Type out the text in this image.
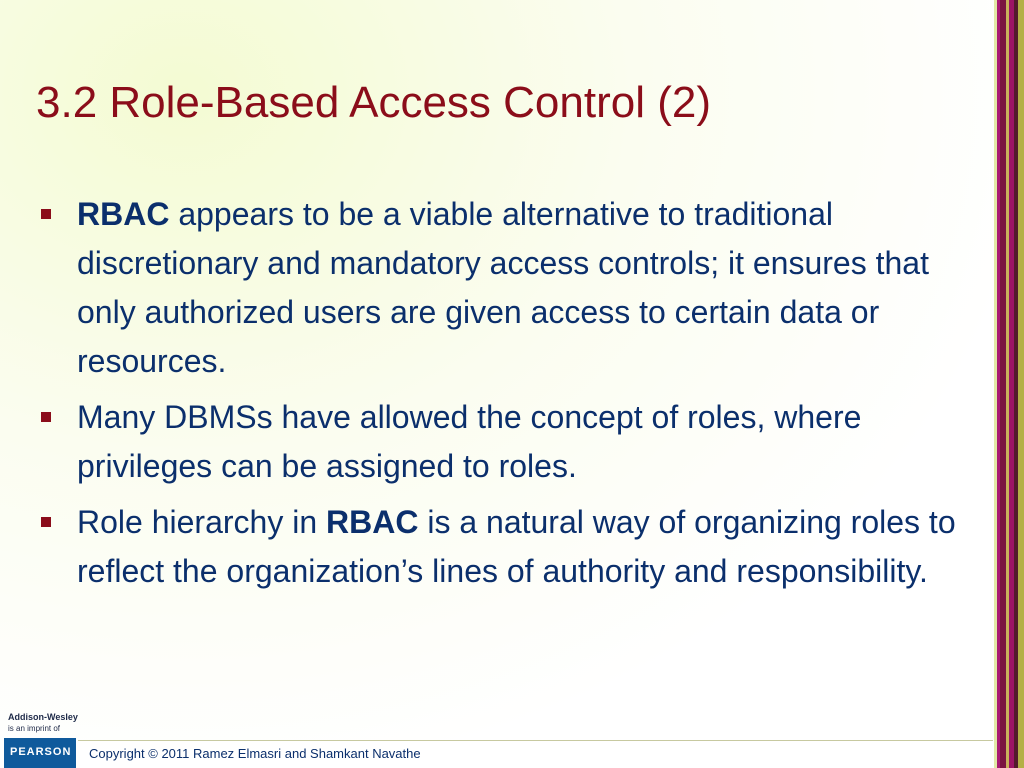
3.2 Role-Based Access Control (2)
RBAC appears to be a viable alternative to traditional discretionary and mandatory access controls; it ensures that only authorized users are given access to certain data or resources.
Many DBMSs have allowed the concept of roles, where privileges can be assigned to roles.
Role hierarchy in RBAC is a natural way of organizing roles to reflect the organization’s lines of authority and responsibility.
Addison-Wesley
is an imprint of
PEARSON Copyright © 2011 Ramez Elmasri and Shamkant Navathe
